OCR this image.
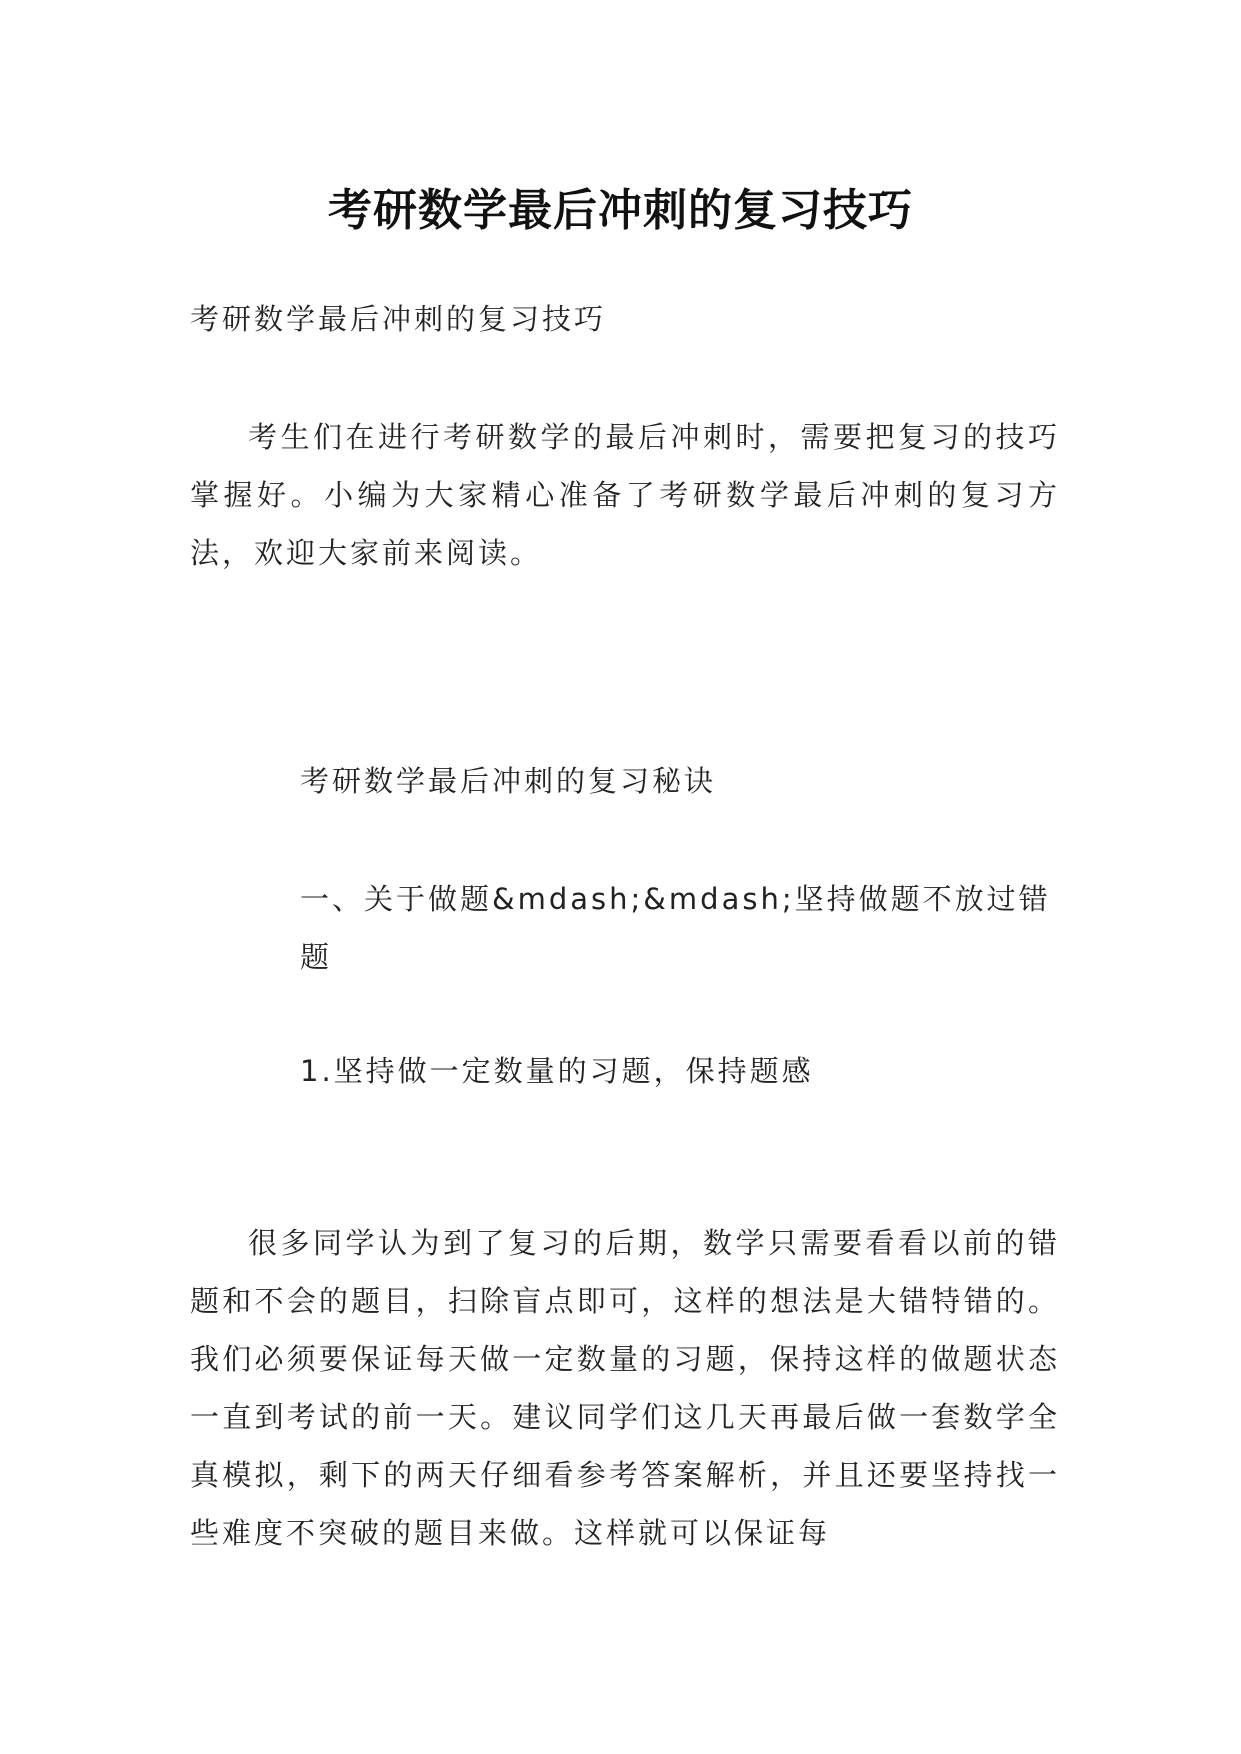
考研数学最后冲刺的复习技巧

考研数学最后冲刺的复习技巧

考生们在进行考研数学的最后冲刺时，需要把复习的技巧掌握好。小编为大家精心准备了考研数学最后冲刺的复习方法，欢迎大家前来阅读。

考研数学最后冲刺的复习秘诀

一、关于做题&mdash;&mdash;坚持做题不放过错题

1.坚持做一定数量的习题，保持题感

很多同学认为到了复习的后期，数学只需要看看以前的错题和不会的题目，扫除盲点即可，这样的想法是大错特错的。我们必须要保证每天做一定数量的习题，保持这样的做题状态一直到考试的前一天。建议同学们这几天再最后做一套数学全真模拟，剩下的两天仔细看参考答案解析，并且还要坚持找一些难度不突破的题目来做。这样就可以保证每
